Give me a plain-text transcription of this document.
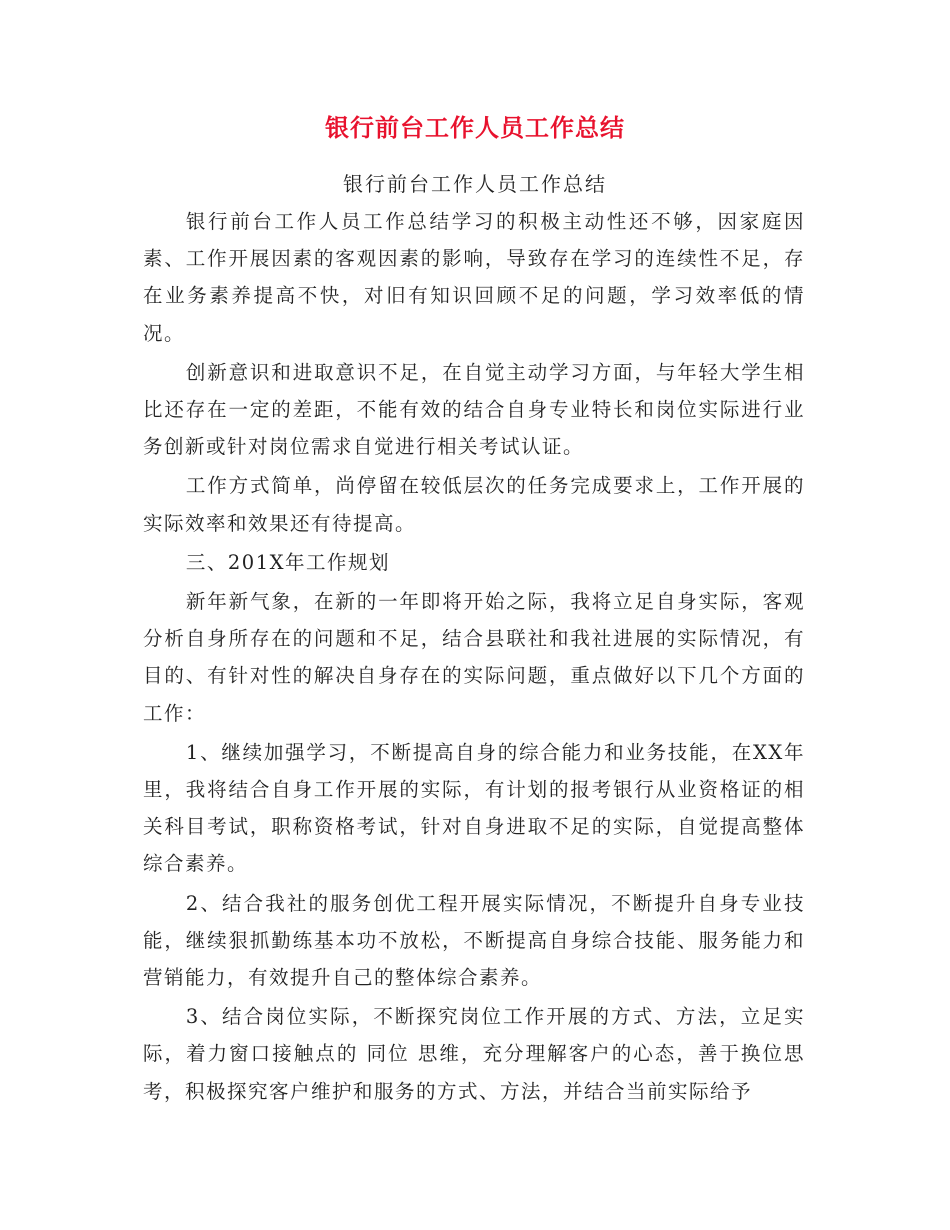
银行前台工作人员工作总结
银行前台工作人员工作总结

银行前台工作人员工作总结学习的积极主动性还不够，因家庭因素、工作开展因素的客观因素的影响，导致存在学习的连续性不足，存在业务素养提高不快，对旧有知识回顾不足的问题，学习效率低的情况。

创新意识和进取意识不足，在自觉主动学习方面，与年轻大学生相比还存在一定的差距，不能有效的结合自身专业特长和岗位实际进行业务创新或针对岗位需求自觉进行相关考试认证。

工作方式简单，尚停留在较低层次的任务完成要求上，工作开展的实际效率和效果还有待提高。

三、201X年工作规划

新年新气象，在新的一年即将开始之际，我将立足自身实际，客观分析自身所存在的问题和不足，结合县联社和我社进展的实际情况，有目的、有针对性的解决自身存在的实际问题，重点做好以下几个方面的工作：

1、继续加强学习，不断提高自身的综合能力和业务技能，在XX年里，我将结合自身工作开展的实际，有计划的报考银行从业资格证的相关科目考试，职称资格考试，针对自身进取不足的实际，自觉提高整体综合素养。

2、结合我社的服务创优工程开展实际情况，不断提升自身专业技能，继续狠抓勤练基本功不放松，不断提高自身综合技能、服务能力和营销能力，有效提升自己的整体综合素养。

3、结合岗位实际，不断探究岗位工作开展的方式、方法，立足实际，着力窗口接触点的 同位 思维，充分理解客户的心态，善于换位思考，积极探究客户维护和服务的方式、方法，并结合当前实际给予
